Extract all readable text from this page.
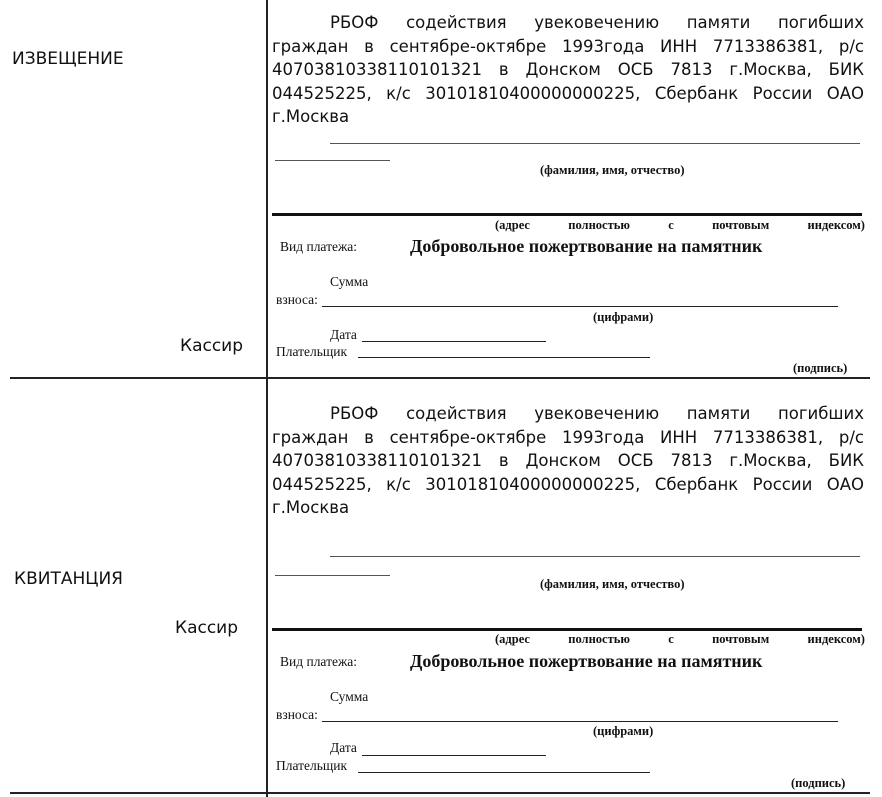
ИЗВЕЩЕНИЕ
Кассир
РБОФ содействия увековечению памяти погибших
граждан в сентябре-октябре 1993года ИНН 7713386381, р/с 40703810338110101321 в Донском ОСБ 7813 г.Москва, БИК 044525225, к/с 30101810400000000225, Сбербанк России ОАО г.Москва
(фамилия, имя, отчество)
(адрес	полностью	с	почтовым	индексом)
Вид платежа:	Добровольное пожертвование на памятник
Сумма
взноса:
(цифрами)
Дата
Плательщик
(подпись)
КВИТАНЦИЯ
Кассир
РБОФ содействия увековечению памяти погибших
граждан в сентябре-октябре 1993года ИНН 7713386381, р/с 40703810338110101321 в Донском ОСБ 7813 г.Москва, БИК 044525225, к/с 30101810400000000225, Сбербанк России ОАО г.Москва
(фамилия, имя, отчество)
(адрес	полностью	с	почтовым	индексом)
Вид платежа:	Добровольное пожертвование на памятник
Сумма
взноса:
(цифрами)
Дата
Плательщик
(подпись)
